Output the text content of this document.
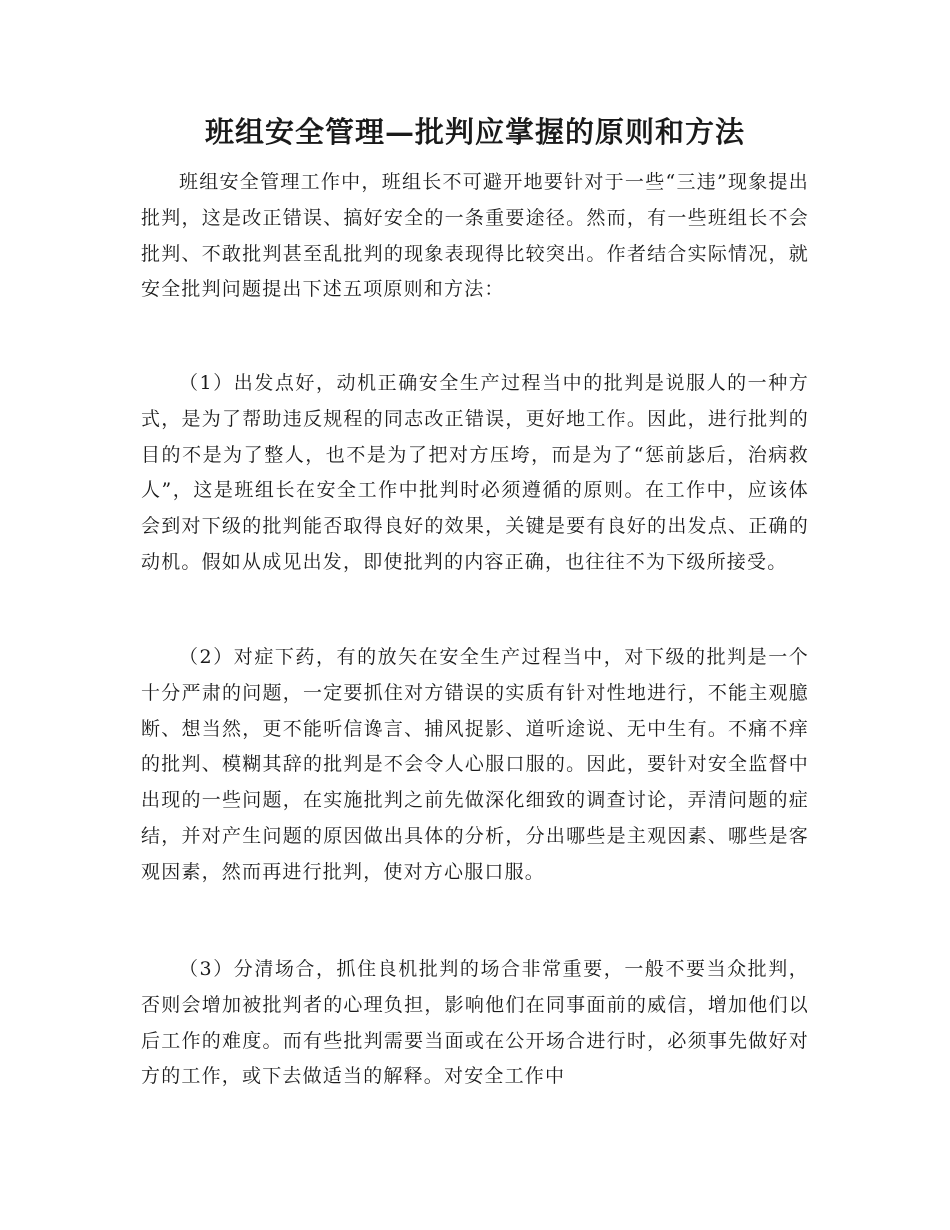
班组安全管理—批判应掌握的原则和方法

班组安全管理工作中，班组长不可避开地要针对于一些“三违”现象提出批判，这是改正错误、搞好安全的一条重要途径。然而，有一些班组长不会批判、不敢批判甚至乱批判的现象表现得比较突出。作者结合实际情况，就安全批判问题提出下述五项原则和方法：

（1）出发点好，动机正确安全生产过程当中的批判是说服人的一种方式，是为了帮助违反规程的同志改正错误，更好地工作。因此，进行批判的目的不是为了整人，也不是为了把对方压垮，而是为了“惩前毖后，治病救人”，这是班组长在安全工作中批判时必须遵循的原则。在工作中，应该体会到对下级的批判能否取得良好的效果，关键是要有良好的出发点、正确的动机。假如从成见出发，即使批判的内容正确，也往往不为下级所接受。

（2）对症下药，有的放矢在安全生产过程当中，对下级的批判是一个十分严肃的问题，一定要抓住对方错误的实质有针对性地进行，不能主观臆断、想当然，更不能听信谗言、捕风捉影、道听途说、无中生有。不痛不痒的批判、模糊其辞的批判是不会令人心服口服的。因此，要针对安全监督中出现的一些问题，在实施批判之前先做深化细致的调查讨论，弄清问题的症结，并对产生问题的原因做出具体的分析，分出哪些是主观因素、哪些是客观因素，然而再进行批判，使对方心服口服。

（3）分清场合，抓住良机批判的场合非常重要，一般不要当众批判，否则会增加被批判者的心理负担，影响他们在同事面前的威信，增加他们以后工作的难度。而有些批判需要当面或在公开场合进行时，必须事先做好对方的工作，或下去做适当的解释。对安全工作中
